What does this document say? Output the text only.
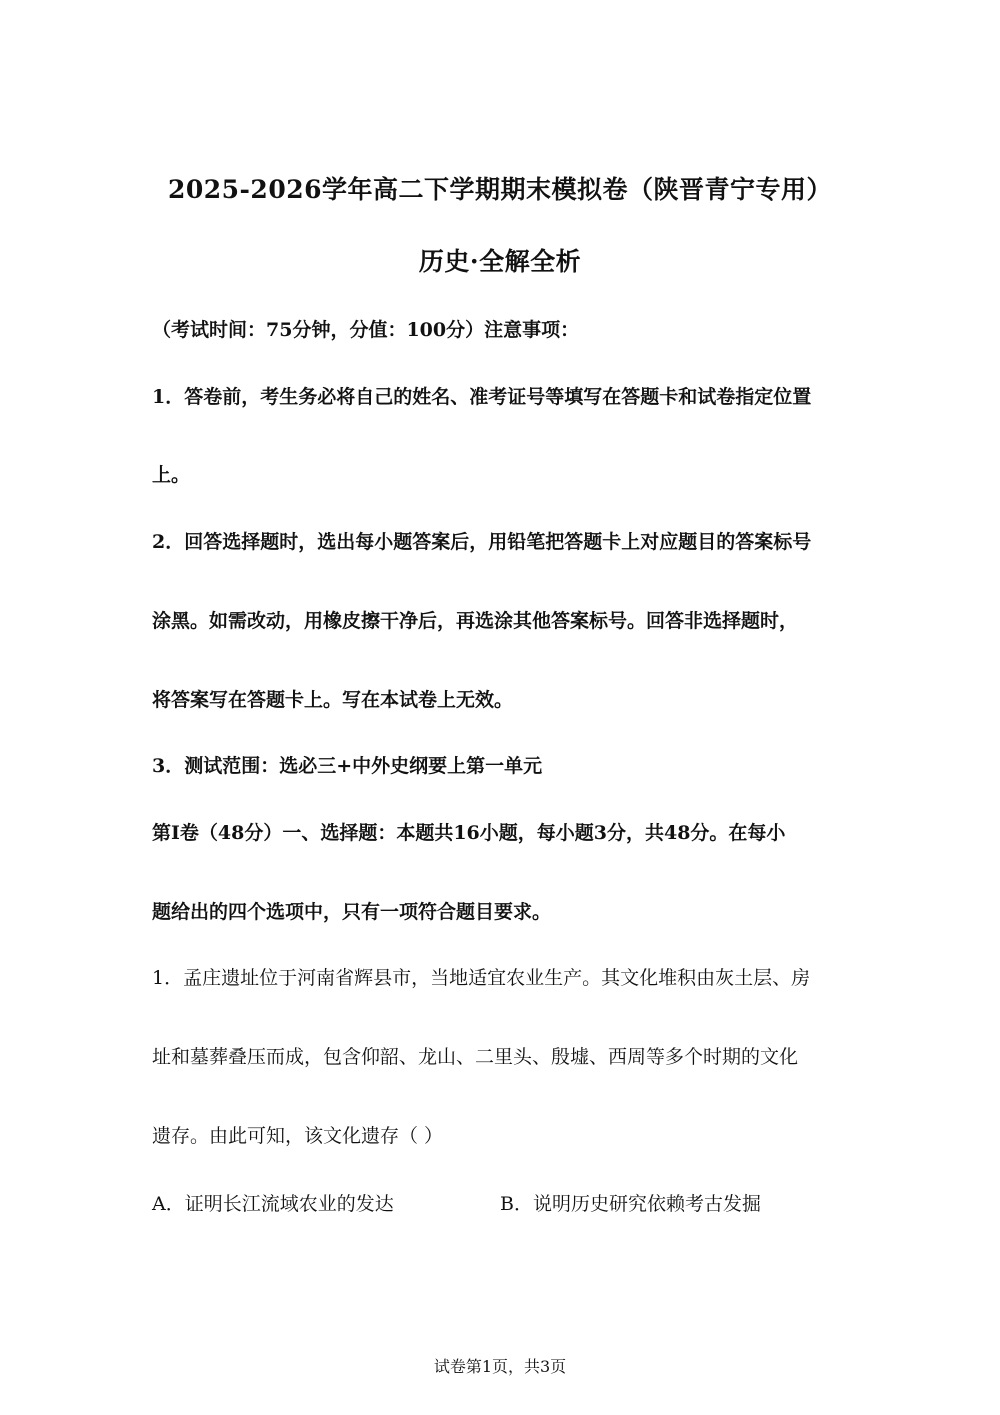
2025-2026学年高二下学期期末模拟卷（陕晋青宁专用）
历史·全解全析
（考试时间：75分钟，分值：100分）注意事项：
1．答卷前，考生务必将自己的姓名、准考证号等填写在答题卡和试卷指定位置
上。
2．回答选择题时，选出每小题答案后，用铅笔把答题卡上对应题目的答案标号
涂黑。如需改动，用橡皮擦干净后，再选涂其他答案标号。回答非选择题时，
将答案写在答题卡上。写在本试卷上无效。
3．测试范围：选必三+中外史纲要上第一单元
第Ⅰ卷（48分）一、选择题：本题共16小题，每小题3分，共48分。在每小
题给出的四个选项中，只有一项符合题目要求。
1．孟庄遗址位于河南省辉县市，当地适宜农业生产。其文化堆积由灰土层、房
址和墓葬叠压而成，包含仰韶、龙山、二里头、殷墟、西周等多个时期的文化
遗存。由此可知，该文化遗存（ ）
A．证明长江流域农业的发达	B．说明历史研究依赖考古发掘
试卷第1页，共3页
